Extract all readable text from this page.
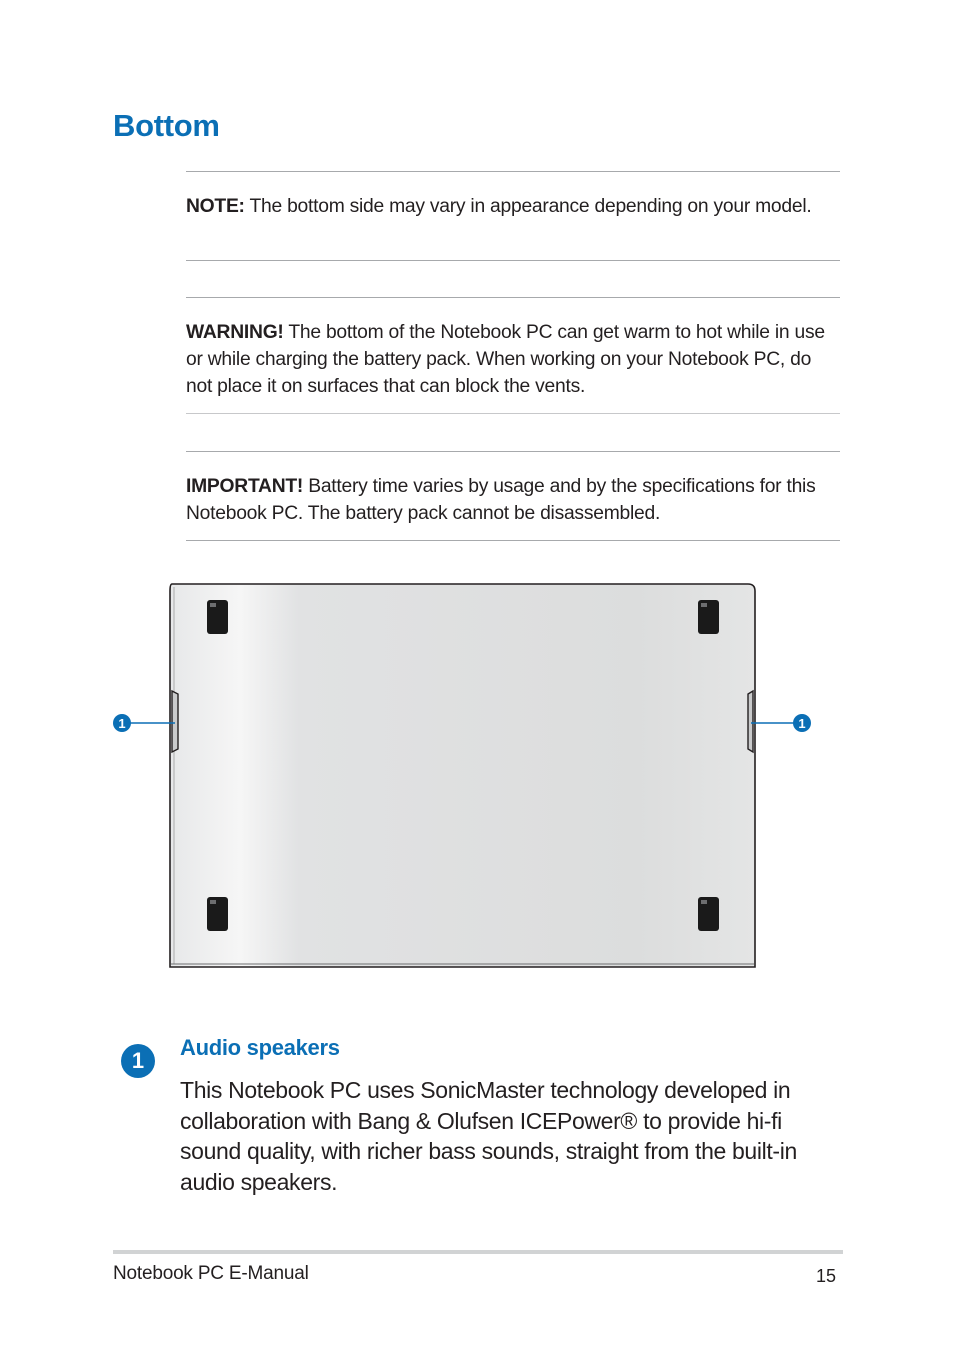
Bottom
NOTE: The bottom side may vary in appearance depending on your model.
WARNING! The bottom of the Notebook PC can get warm to hot while in use or while charging the battery pack. When working on your Notebook PC, do not place it on surfaces that can block the vents.
IMPORTANT! Battery time varies by usage and by the specifications for this Notebook PC. The battery pack cannot be disassembled.
1	1
1
Audio speakers
This Notebook PC uses SonicMaster technology developed in collaboration with Bang & Olufsen ICEPower® to provide hi-fi sound quality, with richer bass sounds, straight from the built-in audio speakers.
Notebook PC E-Manual	15
